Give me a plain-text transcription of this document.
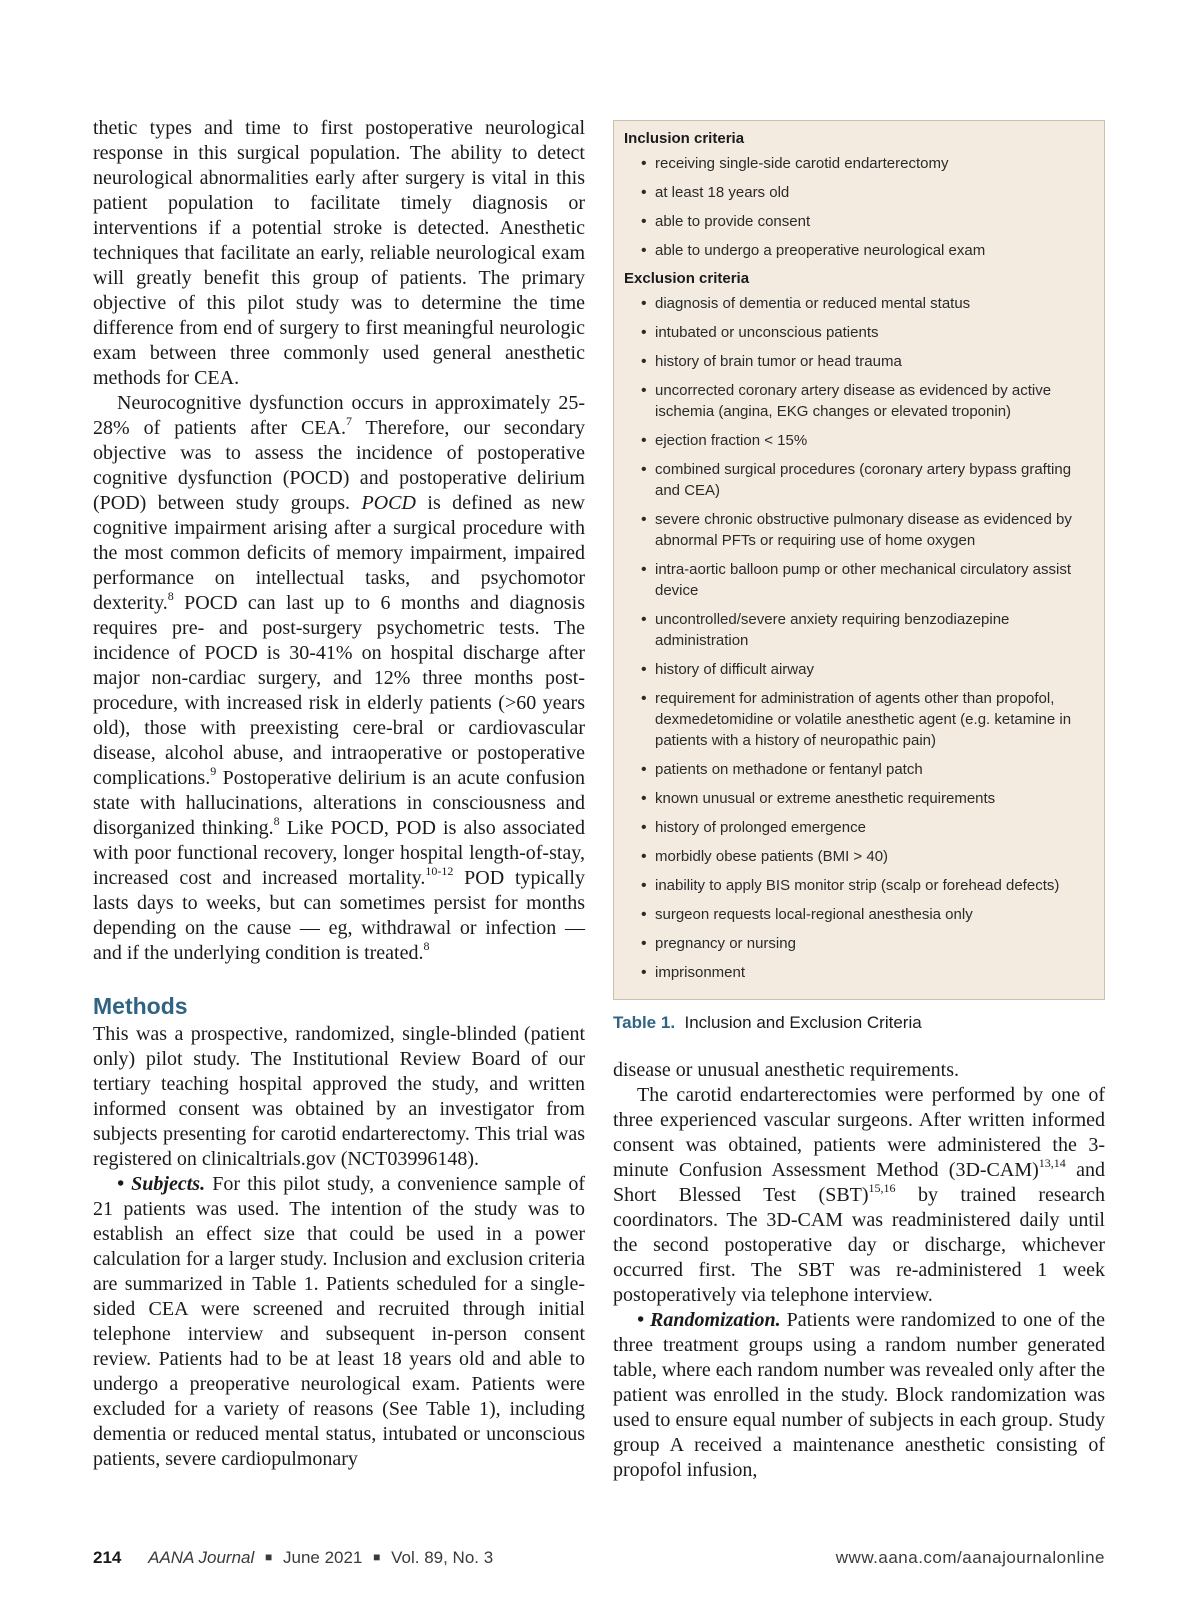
thetic types and time to first postoperative neurological response in this surgical population. The ability to detect neurological abnormalities early after surgery is vital in this patient population to facilitate timely diagnosis or interventions if a potential stroke is detected. Anesthetic techniques that facilitate an early, reliable neurological exam will greatly benefit this group of patients. The primary objective of this pilot study was to determine the time difference from end of surgery to first meaningful neurologic exam between three commonly used general anesthetic methods for CEA.

Neurocognitive dysfunction occurs in approximately 25-28% of patients after CEA.$^7$ Therefore, our secondary objective was to assess the incidence of postoperative cognitive dysfunction (POCD) and postoperative delirium (POD) between study groups. POCD is defined as new cognitive impairment arising after a surgical procedure with the most common deficits of memory impairment, impaired performance on intellectual tasks, and psychomotor dexterity.$^8$ POCD can last up to 6 months and diagnosis requires pre- and post-surgery psychometric tests. The incidence of POCD is 30-41% on hospital discharge after major non-cardiac surgery, and 12% three months post-procedure, with increased risk in elderly patients (>60 years old), those with preexisting cere-bral or cardiovascular disease, alcohol abuse, and intraoperative or postoperative complications.$^9$ Postoperative delirium is an acute confusion state with hallucinations, alterations in consciousness and disorganized thinking.$^8$ Like POCD, POD is also associated with poor functional recovery, longer hospital length-of-stay, increased cost and increased mortality.$^{10-12}$ POD typically lasts days to weeks, but can sometimes persist for months depending on the cause — eg, withdrawal or infection — and if the underlying condition is treated.$^8$

Methods

This was a prospective, randomized, single-blinded (patient only) pilot study. The Institutional Review Board of our tertiary teaching hospital approved the study, and written informed consent was obtained by an investigator from subjects presenting for carotid endarterectomy. This trial was registered on clinicaltrials.gov (NCT03996148).

• Subjects. For this pilot study, a convenience sample of 21 patients was used. The intention of the study was to establish an effect size that could be used in a power calculation for a larger study. Inclusion and exclusion criteria are summarized in Table 1. Patients scheduled for a single-sided CEA were screened and recruited through initial telephone interview and subsequent in-person consent review. Patients had to be at least 18 years old and able to undergo a preoperative neurological exam. Patients were excluded for a variety of reasons (See Table 1), including dementia or reduced mental status, intubated or unconscious patients, severe cardiopulmonary

Inclusion criteria
• receiving single-side carotid endarterectomy
• at least 18 years old
• able to provide consent
• able to undergo a preoperative neurological exam
Exclusion criteria
• diagnosis of dementia or reduced mental status
• intubated or unconscious patients
• history of brain tumor or head trauma
• uncorrected coronary artery disease as evidenced by active ischemia (angina, EKG changes or elevated troponin)
• ejection fraction < 15%
• combined surgical procedures (coronary artery bypass grafting and CEA)
• severe chronic obstructive pulmonary disease as evidenced by abnormal PFTs or requiring use of home oxygen
• intra-aortic balloon pump or other mechanical circulatory assist device
• uncontrolled/severe anxiety requiring benzodiazepine administration
• history of difficult airway
• requirement for administration of agents other than propofol, dexmedetomidine or volatile anesthetic agent (e.g. ketamine in patients with a history of neuropathic pain)
• patients on methadone or fentanyl patch
• known unusual or extreme anesthetic requirements
• history of prolonged emergence
• morbidly obese patients (BMI > 40)
• inability to apply BIS monitor strip (scalp or forehead defects)
• surgeon requests local-regional anesthesia only
• pregnancy or nursing
• imprisonment
Table 1. Inclusion and Exclusion Criteria

disease or unusual anesthetic requirements.

The carotid endarterectomies were performed by one of three experienced vascular surgeons. After written informed consent was obtained, patients were administered the 3-minute Confusion Assessment Method $(3D-CAM)^{13,14}$ and Short Blessed Test (SBT)$^{15,16}$ by trained research coordinators. The 3D-CAM was readministered daily until the second postoperative day or discharge, whichever occurred first. The SBT was re-administered 1 week postoperatively via telephone interview.

• Randomization. Patients were randomized to one of the three treatment groups using a random number generated table, where each random number was revealed only after the patient was enrolled in the study. Block randomization was used to ensure equal number of subjects in each group. Study group A received a maintenance anesthetic consisting of propofol infusion,

214 AANA Journal ■ June 2021 ■ Vol. 89, No. 3	www.aana.com/aanajournalonline
